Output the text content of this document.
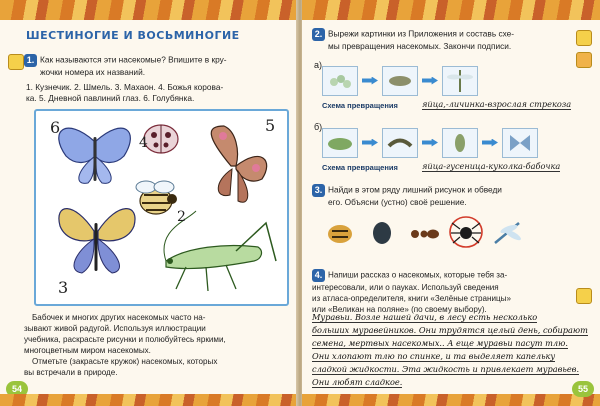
ШЕСТИНОГИЕ И ВОСЬМИНОГИЕ
1. Как называются эти насекомые? Впишите в кру-
жочки номера их названий.
1. Кузнечик. 2. Шмель. 3. Махаон. 4. Божья корова-
ка. 5. Дневной павлиний глаз. 6. Голубянка.
6
4
5
2
3
Бабочек и многих других насекомых часто на-
зывают живой радугой. Используя иллюстрации
учебника, раскрасьте рисунки и полюбуйтесь яркими,
многоцветным миром насекомых.
Отметьте (закрасьте кружок) насекомых, которых
вы встречали в природе.
54
2. Вырежи картинки из Приложения и составь схе-
мы превращения насекомых. Закончи подписи.
а)
Схема превращения	яйца,-личинка-взрослая стрекоза
б)
Схема превращения	яйца-гусеница-куколка-бабочка
3. Найди в этом ряду лишний рисунок и обведи
его. Объясни (устно) своё решение.
4. Напиши рассказ о насекомых, которые тебя за-
интересовали, или о пауках. Используй сведения
из атласа-определителя, книги «Зелёные страницы»
или «Великан на поляне» (по своему выбору).
Муравьи. Возле нашей дачи, в лесу есть несколько
больших муравейников. Они трудятся целый день, собирают
семена, мертвых насекомых.. А еще муравьи пасут тлю.
Они хлопают тлю по спинке, и та выделяет капельку
сладкой жидкости. Эта жидкость и привлекает муравьев.
Они любят сладкое.
55
